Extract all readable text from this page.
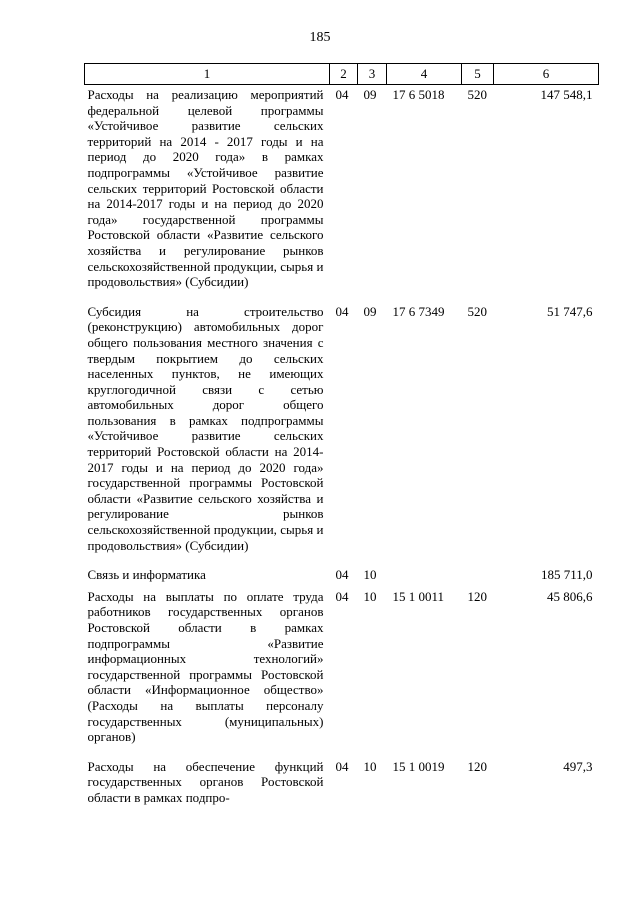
185
1	2	3	4	5	6
Расходы на реализацию мероприятий федеральной целевой программы «Устойчивое развитие сельских территорий на 2014 - 2017 годы и на период до 2020 года» в рамках подпрограммы «Устойчивое развитие сельских территорий Ростовской области на 2014-2017 годы и на период до 2020 года» государственной программы Ростовской области «Развитие сельского хозяйства и регулирование рынков сельскохозяйственной продукции, сырья и продовольствия» (Субсидии)	04	09	17 6 5018	520	147 548,1

Субсидия на строительство (реконструкцию) автомобильных дорог общего пользования местного значения с твердым покрытием до сельских населенных пунктов, не имеющих круглогодичной связи с сетью автомобильных дорог общего пользования в рамках подпрограммы «Устойчивое развитие сельских территорий Ростовской области на 2014-2017 годы и на период до 2020 года» государственной программы Ростовской области «Развитие сельского хозяйства и регулирование рынков сельскохозяйственной продукции, сырья и продовольствия» (Субсидии)	04	09	17 6 7349	520	51 747,6

Связь и информатика	04	10			185 711,0

Расходы на выплаты по оплате труда работников государственных органов Ростовской области в рамках подпрограммы «Развитие информационных технологий» государственной программы Ростовской области «Информационное общество» (Расходы на выплаты персоналу государственных (муниципальных) органов)	04	10	15 1 0011	120	45 806,6

Расходы на обеспечение функций государственных органов Ростовской области в рамках подпро-	04	10	15 1 0019	120	497,3
